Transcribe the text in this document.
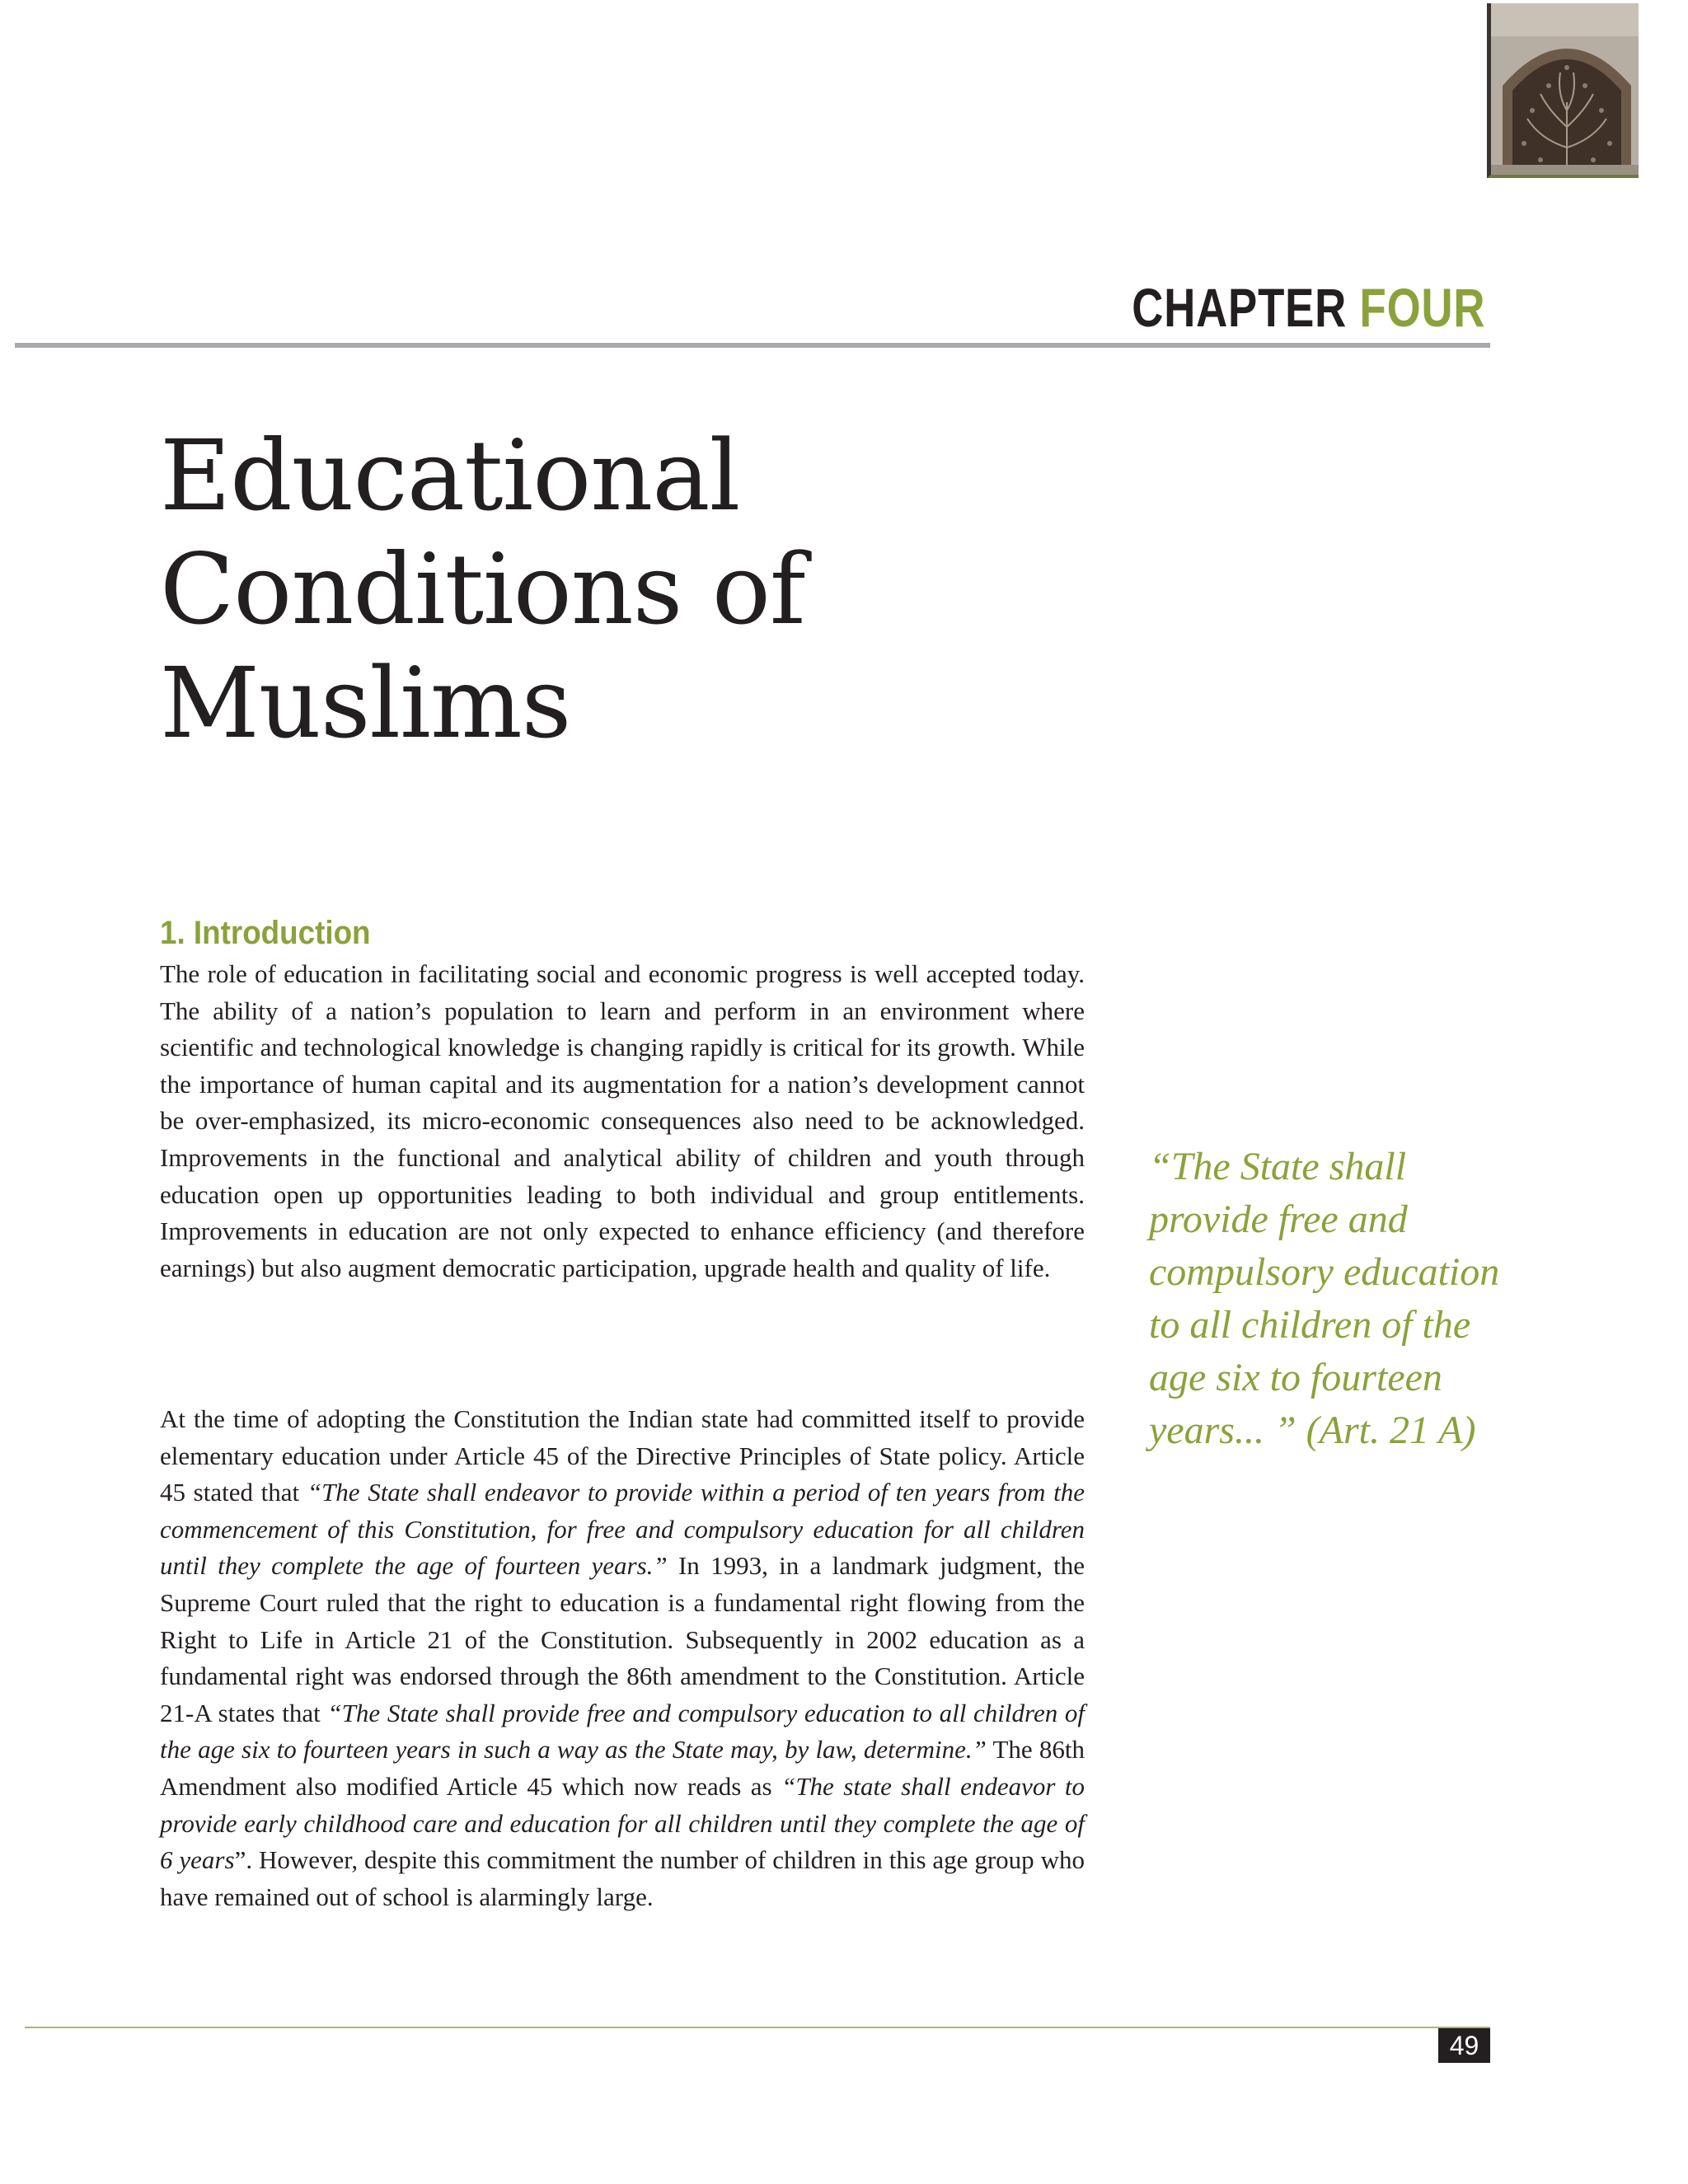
CHAPTER FOUR
Educational
Conditions of
Muslims
1. Introduction

The role of education in facilitating social and economic progress is well accepted today. The ability of a nation’s population to learn and perform in an environment where scientific and technological knowledge is changing rapidly is critical for its growth. While the importance of human capital and its augmentation for a nation’s development cannot be over-emphasized, its micro-economic consequences also need to be acknowledged. Improvements in the functional and analytical ability of children and youth through education open up opportunities leading to both individual and group entitlements. Improvements in education are not only expected to enhance efficiency (and therefore earnings) but also augment democratic participation, upgrade health and quality of life.

At the time of adopting the Constitution the Indian state had committed itself to provide elementary education under Article 45 of the Directive Principles of State policy. Article 45 stated that “The State shall endeavor to provide within a period of ten years from the commencement of this Constitution, for free and compulsory education for all children until they complete the age of fourteen years.” In 1993, in a landmark judgment, the Supreme Court ruled that the right to education is a fundamental right flowing from the Right to Life in Article 21 of the Constitution. Subsequently in 2002 education as a fundamental right was endorsed through the 86th amendment to the Constitution. Article 21-A states that “The State shall provide free and compulsory education to all children of the age six to fourteen years in such a way as the State may, by law, determine.” The 86th Amendment also modified Article 45 which now reads as “The state shall endeavor to provide early childhood care and education for all children until they complete the age of 6 years”. However, despite this commitment the number of children in this age group who have remained out of school is alarmingly large.

“The State shall provide free and compulsory education to all children of the age six to fourteen years... ” (Art. 21 A)

49
